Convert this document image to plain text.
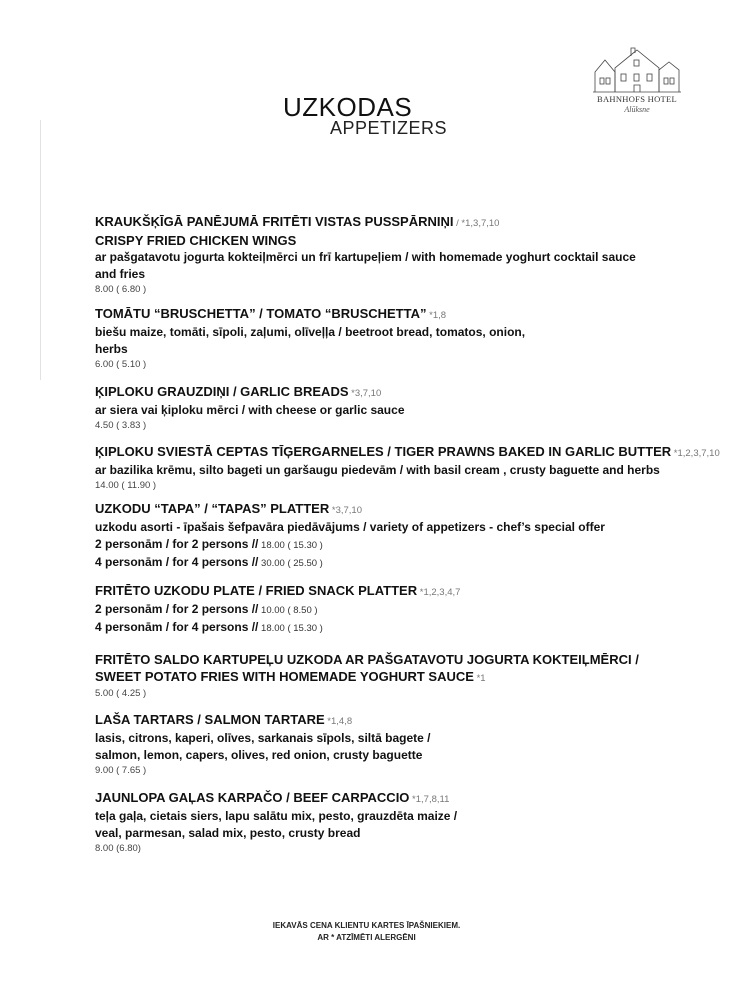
UZKODAS
APPETIZERS
BAHNHOFS HOTEL
Alūksne
KRAUKŠĶĪGĀ PANĒJUMĀ FRITĒTI VISTAS PUSSPĀRNIŅI / *1,3,7,10
CRISPY FRIED CHICKEN WINGS
ar pašgatavotu jogurta kokteiļmērci un frī kartupeļiem / with homemade yoghurt cocktail sauce
and fries
8.00 ( 6.80 )
TOMĀTU “BRUSCHETTA” / TOMATO “BRUSCHETTA” *1,8
biešu maize, tomāti, sīpoli, zaļumi, olīveļļa / beetroot bread, tomatos, onion,
herbs
6.00 ( 5.10 )
ĶIPLOKU GRAUZDIŅI / GARLIC BREADS *3,7,10
ar siera vai ķiploku mērci / with cheese or garlic sauce
4.50 ( 3.83 )
ĶIPLOKU SVIESTĀ CEPTAS TĪĢERGARNELES / TIGER PRAWNS BAKED IN GARLIC BUTTER *1,2,3,7,10
ar bazilika krēmu, silto bageti un garšaugu piedevām / with basil cream , crusty baguette and herbs
14.00 ( 11.90 )
UZKODU “TAPA” / “TAPAS” PLATTER *3,7,10
uzkodu asorti - īpašais šefpavāra piedāvājums / variety of appetizers - chef’s special offer
2 personām / for 2 persons // 18.00 ( 15.30 )
4 personām / for 4 persons // 30.00 ( 25.50 )
FRITĒTO UZKODU PLATE / FRIED SNACK PLATTER *1,2,3,4,7
2 personām / for 2 persons // 10.00 ( 8.50 )
4 personām / for 4 persons // 18.00 ( 15.30 )
FRITĒTO SALDO KARTUPEĻU UZKODA AR PAŠGATAVOTU JOGURTA KOKTEIĻMĒRCI /
SWEET POTATO FRIES WITH HOMEMADE YOGHURT SAUCE *1
5.00 ( 4.25 )
LAŠA TARTARS / SALMON TARTARE *1,4,8
lasis, citrons, kaperi, olīves, sarkanais sīpols, siltā bagete /
salmon, lemon, capers, olives, red onion, crusty baguette
9.00 ( 7.65 )
JAUNLOPA GAĻAS KARPAČO / BEEF CARPACCIO *1,7,8,11
teļa gaļa, cietais siers, lapu salātu mix, pesto, grauzdēta maize /
veal, parmesan, salad mix, pesto, crusty bread
8.00 (6.80)
IEKAVĀS CENA KLIENTU KARTES ĪPAŠNIEKIEM.
AR * ATZĪMĒTI ALERGĒNI
